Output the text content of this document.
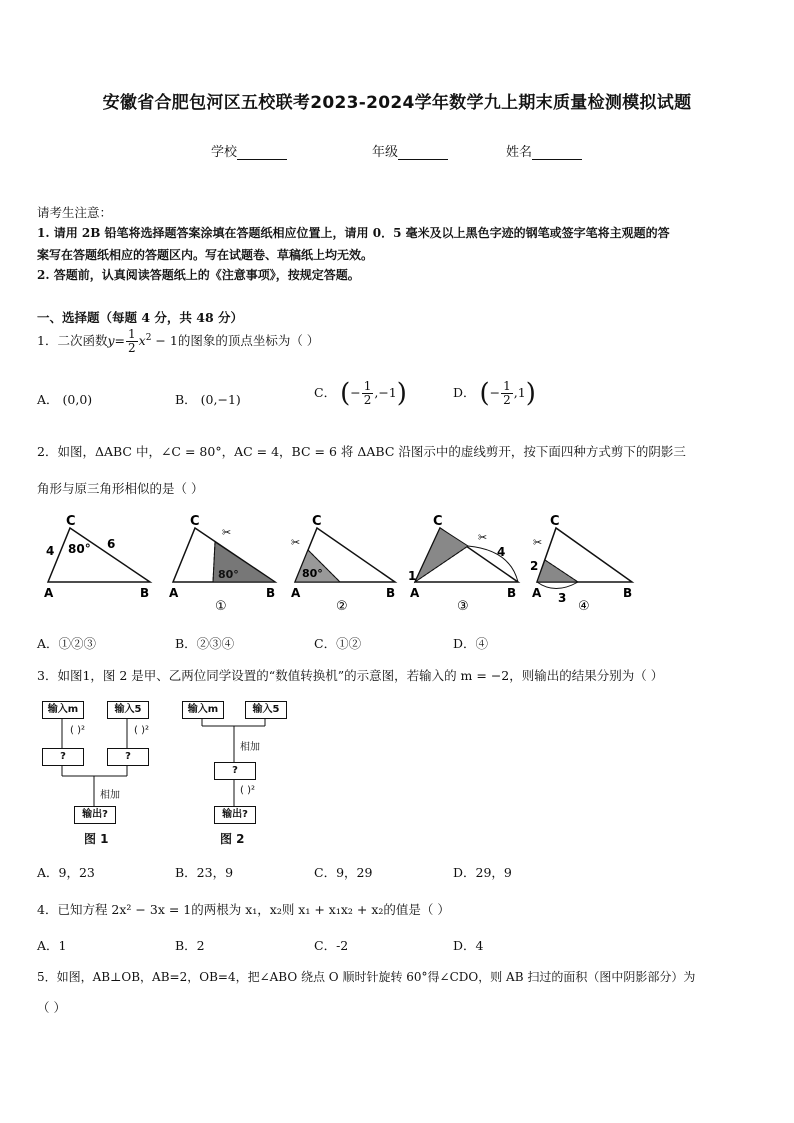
安徽省合肥包河区五校联考2023-2024学年数学九上期末质量检测模拟试题
学校	年级	姓名
请考生注意：
1. 请用 2B 铅笔将选择题答案涂填在答题纸相应位置上，请用 0．5 毫米及以上黑色字迹的钢笔或签字笔将主观题的答
案写在答题纸相应的答题区内。写在试题卷、草稿纸上均无效。
2. 答题前，认真阅读答题纸上的《注意事项》，按规定答题。
一、选择题（每题 4 分，共 48 分）
1．二次函数$y= \frac{1}{2} x^2 - 1$的图象的顶点坐标为（ ）
A． (0,0)	B． (0,−1)	C． (− $\frac{1}{2} ,-1$)	D． (− $\frac{1}{2} ,1$)
2．如图，ΔABC 中，∠C = 80°，AC = 4，BC = 6 将 ΔABC 沿图示中的虚线剪开，按下面四种方式剪下的阴影三
角形与原三角形相似的是（ ）
C
A	B
4	6
80°
C
A	B
80°
①
✂
C
A	B
80°
②
✂
C
A	B
1
4
③
✂
C
A	B
2
3
④
✂
A．①②③	B．②③④	C．①②	D．④
3．如图1，图 2 是甲、乙两位同学设置的“数值转换机”的示意图，若输入的 m = −2，则输出的结果分别为（ ）
输入m	输入5
( )²	( )²
?	?
相加
输出?
图 1
输入m	输入5
相加
?
( )²
输出?
图 2
A．9，23	B．23，9	C．9，29	D．29，9
4．已知方程 2x² − 3x = 1的两根为 x₁，x₂则 x₁ + x₁x₂ + x₂的值是（ ）
A．1	B．2	C．-2	D．4
5．如图，AB⊥OB，AB=2，OB=4，把∠ABO 绕点 O 顺时针旋转 60°得∠CDO，则 AB 扫过的面积（图中阴影部分）为
（ ）
